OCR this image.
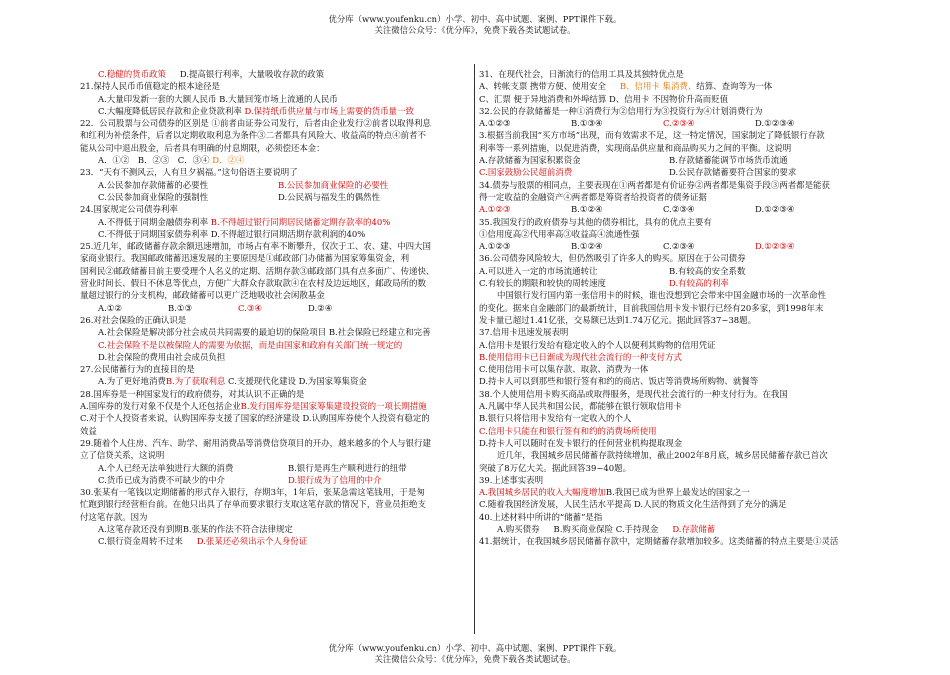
优分库（www.youfenku.cn）小学、初中、高中试题、案例、PPT课件下载。
关注微信公众号：《优分库》，免费下载各类试题试卷。
C.稳健的货币政策 D.提高银行利率，大量吸收存款的政策
21.保持人民币币值稳定的根本途径是
A.大量印发新一套的大额人民币 B.大量回笼市场上流通的人民币
C.大幅度降低居民存款和企业贷款利率 D.保持纸币供应量与市场上需要的货币量一致
22．公司股票与公司债券的区别是 ①前者由证券公司发行，后者由企业发行②前者以取得利息
和红利为补偿条件，后者以定期收取利息为条件③二者都具有风险大、收益高的特点④前者不
能从公司中退出股金，后者具有明确的付息期限，必须偿还本金：
A．①②　B．②③　C．③④ D．②④
23．“天有不测风云，人有旦夕祸福。”这句俗语主要说明了
A.公民参加存款储蓄的必要性	B.公民参加商业保险的必要性
C.公民参加商业保险的强制性	D.公民祸与福发生的偶然性
24.国家规定公司债券利率
A.不得低于同期金融债券利率 B.不得超过银行同期居民储蓄定期存款率的40%
C.不得低于同期国家债券利率 D.不得超过银行同期活期存款利润的40%
25.近几年，邮政储蓄存款余额迅速增加，市场占有率不断攀升，仅次于工、农、建、中四大国
家商业银行。我国邮政储蓄迅速发展的主要原因是①邮政部门办储蓄为国家筹集资金，利
国利民②邮政储蓄目前主要受理个人名义的定期、活期存款③邮政部门具有点多面广、传递快、
营业时间长、假日不休息等优点，方便广大群众存款取款④在农村及边远地区，邮政局所的数
量超过银行的分支机构，邮政储蓄可以更广泛地吸收社会闲散基金
A.①②	B.①③	C.③④	D.②④
26.对社会保险的正确认识是
A.社会保险是解决部分社会成员共同需要的最迫切的保险项目 B.社会保险已经建立和完善
C.社会保险不是以被保险人的需要为依据，而是由国家和政府有关部门统一规定的
D.社会保险的费用由社会成员负担
27.公民储蓄行为的直接目的是
A.为了更好地消费B.为了获取利息 C.支援现代化建设 D.为国家筹集资金
28.国库券是一种国家发行的政府债券，对其认识不正确的是
A.国库券的发行对象不仅是个人还包括企业B.发行国库券是国家筹集建设投资的一项长期措施
C.对于个人投资者来说，认购国库券支援了国家的经济建设 D.认购国库券使个人投资有稳定的
效益
29.随着个人住房、汽车、助学、耐用消费品等消费信贷项目的开办，越来越多的个人与银行建
立了信贷关系，这说明
A.个人已经无法单独进行大额的消费	B.银行是再生产顺利进行的纽带
C.货币已成为消费不可缺少的中介	D.银行成为了信用的中介
30.张某有一笔钱以定期储蓄的形式存入银行，存期3年，1年后，张某急需这笔钱用，于是匆
忙跑到银行经营柜台前。在他只出具了存单而要求银行支取这笔存款的情况下，营业员拒绝支
付这笔存款。因为
A.这笔存款还没有到期B.张某的作法不符合法律规定
C.银行资金周转不过来 D.张某还必须出示个人身份证
31、在现代社会，日渐流行的信用工具及其独特优点是
A、转帐支票 携带方便、使用安全 B、信用卡 集消费、结算、查询等为一体
C、汇票 便于异地消费和外埠结算 D、信用卡 不因物价升高而贬值
32.公民的存款储蓄是一种①消费行为②信用行为③投资行为④计划消费行为
A.①②③	B.①③④	C.②③④	D.①②③④
3.根据当前我国“买方市场”出现，而有效需求不足，这一特定情况，国家制定了降低银行存款
利率等一系列措施，以促进消费，实现商品供应量和商品购买力之间的平衡。这说明
A.存款储蓄为国家积累资金	B.存款储蓄能调节市场货币流通
C.国家鼓励公民超前消费	D.公民存款储蓄要符合国家的要求
34.债券与股票的相同点，主要表现在①两者都是有价证券②两者都是集资手段③两者都是能获
得一定收益的金融资产④两者都是筹资者给投资者的债务证据
A.①②③	B.①②④	C.②③④	D.①②③④
35.我国发行的政府债券与其他的债券相比，具有的优点主要有
①信用度高②代用率高③收益高④流通性强
A.①②③	B.①②④	C.②③④	D.①②③④
36.公司债券风险较大，但仍然吸引了许多人的购买。原因在于公司债券
A.可以进入一定的市场流通转让	B.有较高的安全系数
C.有较长的期限和较快的周转速度	D.有较高的利率
中国银行发行国内第一张信用卡的时候，谁也没想到它会带来中国金融市场的一次革命性
的变化。据来自金融部门的最新统计，目前我国信用卡发卡银行已经有20多家，到1998年末
发卡量已超过1.41亿张，交易额已达到1.74万亿元。据此回答37~38题。
37.信用卡迅速发展表明
A.信用卡是银行发给有稳定收入的个人以便利其购物的信用凭证
B.使用信用卡已日渐成为现代社会流行的一种支付方式
C.使用信用卡可以集存款、取款、消费为一体
D.持卡人可以到那些和银行签有和约的商店、饭店等消费场所购物、就餐等
38.个人使用信用卡购买商品或取得服务，是现代社会流行的一种支付行为。在我国
A.凡属中华人民共和国公民，都能够在银行领取信用卡
B.银行只将信用卡发给有一定收入的个人
C.信用卡只能在和银行签有和约的消费场所使用
D.持卡人可以随时在发卡银行的任何营业机构提取现金
近几年，我国城乡居民储蓄存款持续增加，截止2002年8月底，城乡居民储蓄存款已首次
突破了8万亿大关。据此回答39~40题。
39.上述事实表明
A.我国城乡居民的收入大幅度增加B.我国已成为世界上最发达的国家之一
C.随着我国经济发展，人民生活水平提高 D.人民的物质文化生活得到了充分的满足
40.上述材料中所讲的“储蓄”是指
A.购买债券 B.购买商业保险 C.手持现金 D.存款储蓄
41.据统计，在我国城乡居民储蓄存款中，定期储蓄存款增加较多。这类储蓄的特点主要是①灵活
优分库（www.youfenku.cn）小学、初中、高中试题、案例、PPT课件下载。
关注微信公众号：《优分库》，免费下载各类试题试卷。
